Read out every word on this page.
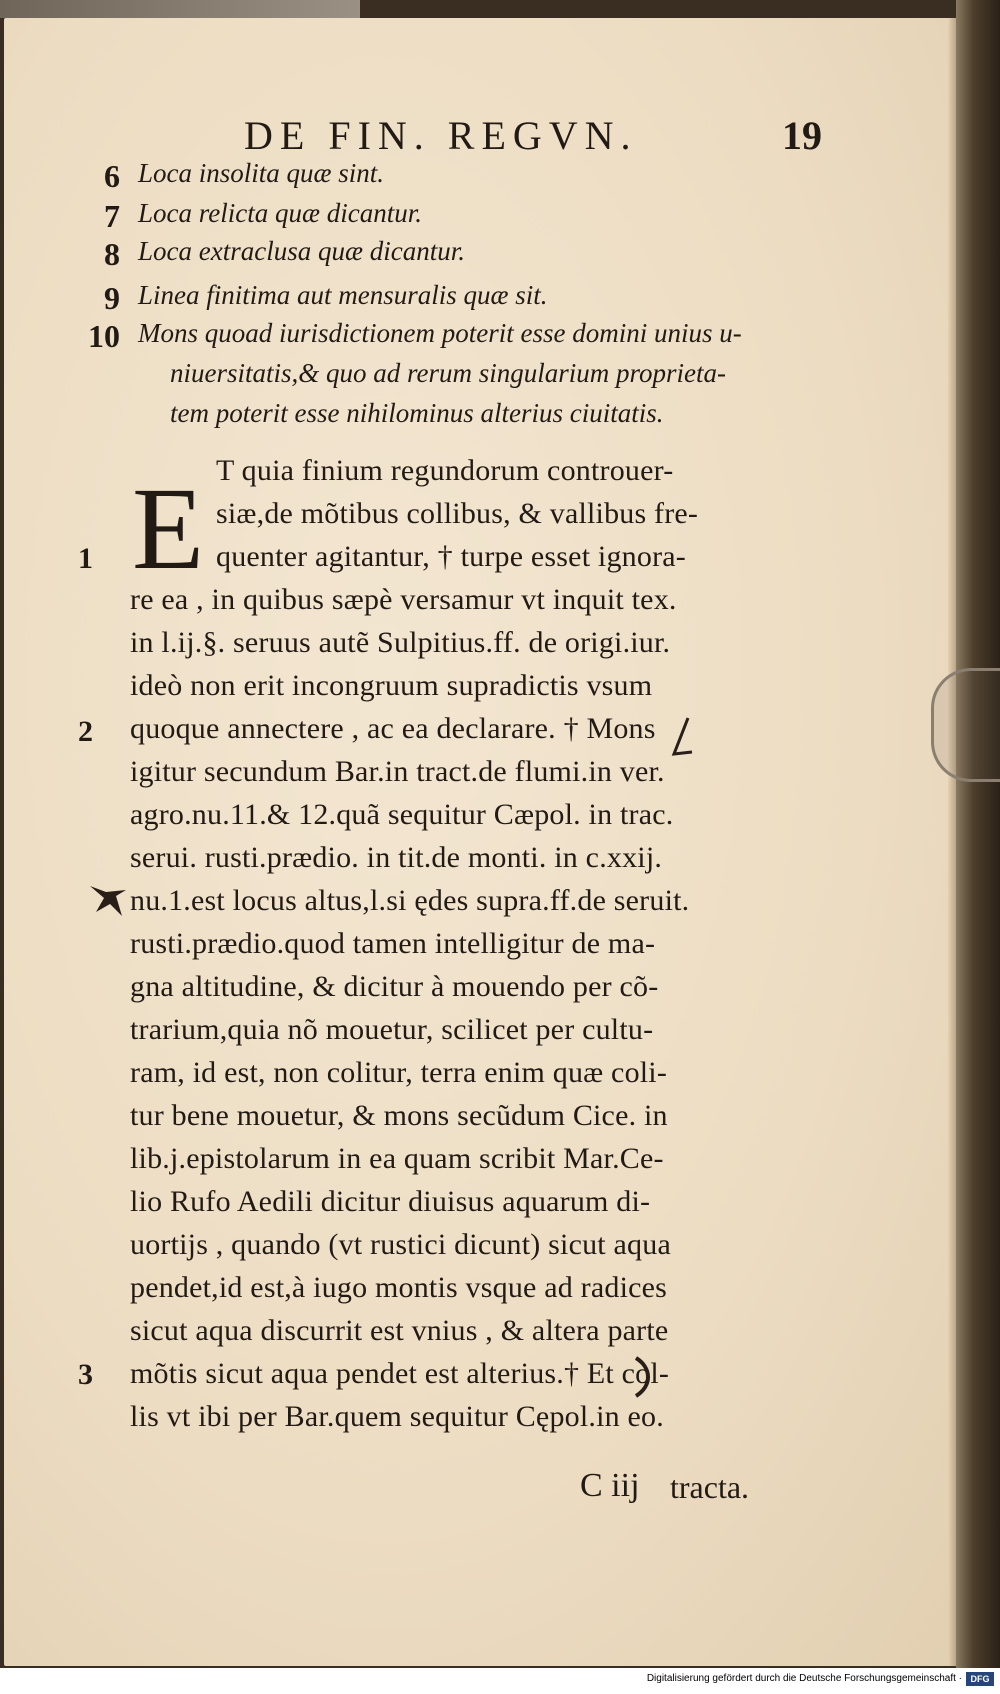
DE FIN. REGVN.	19
6 Loca insolita quæ sint.
7 Loca relicta quæ dicantur.
8 Loca extraclusa quæ dicantur.
9 Linea finitima aut mensuralis quæ sit.
10 Mons quoad iurisdictionem poterit esse domini unius u-
niuersitatis,& quo ad rerum singularium proprieta-
tem poterit esse nihilominus alterius ciuitatis.
E T quia finium regundorum controuer-
siæ,de mõtibus collibus, & vallibus fre-
quenter agitantur, † turpe esset ignora-
re ea , in quibus sæpè versamur vt inquit tex.
in l.ij.§. seruus autẽ Sulpitius.ff. de origi.iur.
ideò non erit incongruum supradictis vsum
quoque annectere , ac ea declarare. † Mons
igitur secundum Bar.in tract.de flumi.in ver.
agro.nu.11.& 12.quã sequitur Cæpol. in trac.
serui. rusti.prædio. in tit.de monti. in c.xxij.
nu.1.est locus altus,l.si ędes supra.ff.de seruit.
rusti.prædio.quod tamen intelligitur de ma-
gna altitudine, & dicitur à mouendo per cõ-
trarium,quia nõ mouetur, scilicet per cultu-
ram, id est, non colitur, terra enim quæ coli-
tur bene mouetur, & mons secũdum Cice. in
lib.j.epistolarum in ea quam scribit Mar.Ce-
lio Rufo Aedili dicitur diuisus aquarum di-
uortijs , quando (vt rustici dicunt) sicut aqua
pendet,id est,à iugo montis vsque ad radices
sicut aqua discurrit est vnius , & altera parte
mõtis sicut aqua pendet est alterius.† Et col-
lis vt ibi per Bar.quem sequitur Cępol.in eo.
1
2
3
C iij tracta.
Digitalisierung gefördert durch die Deutsche Forschungsgemeinschaft · DFG
